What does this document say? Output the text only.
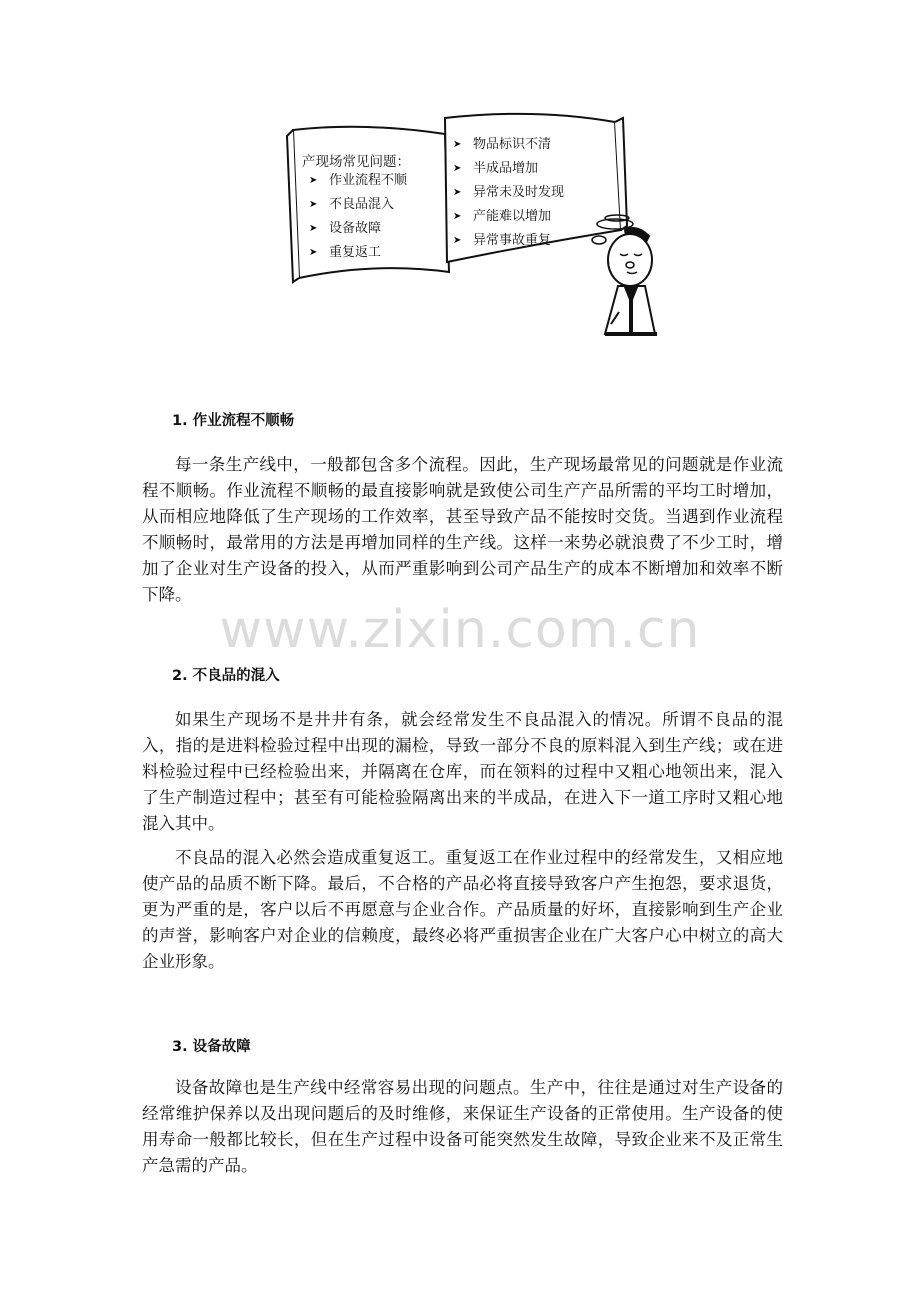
产现场常见问题：
➤ 作业流程不顺
➤ 不良品混入
➤ 设备故障
➤ 重复返工
➤ 物品标识不清
➤ 半成品增加
➤ 异常未及时发现
➤ 产能难以增加
➤ 异常事故重复
1. 作业流程不顺畅

每一条生产线中，一般都包含多个流程。因此，生产现场最常见的问题就是作业流程不顺畅。作业流程不顺畅的最直接影响就是致使公司生产产品所需的平均工时增加，从而相应地降低了生产现场的工作效率，甚至导致产品不能按时交货。当遇到作业流程不顺畅时，最常用的方法是再增加同样的生产线。这样一来势必就浪费了不少工时，增加了企业对生产设备的投入，从而严重影响到公司产品生产的成本不断增加和效率不断下降。

www.zixin.com.cn
2. 不良品的混入

如果生产现场不是井井有条，就会经常发生不良品混入的情况。所谓不良品的混入，指的是进料检验过程中出现的漏检，导致一部分不良的原料混入到生产线；或在进料检验过程中已经检验出来，并隔离在仓库，而在领料的过程中又粗心地领出来，混入了生产制造过程中；甚至有可能检验隔离出来的半成品，在进入下一道工序时又粗心地混入其中。

不良品的混入必然会造成重复返工。重复返工在作业过程中的经常发生，又相应地使产品的品质不断下降。最后，不合格的产品必将直接导致客户产生抱怨，要求退货，更为严重的是，客户以后不再愿意与企业合作。产品质量的好坏，直接影响到生产企业的声誉，影响客户对企业的信赖度，最终必将严重损害企业在广大客户心中树立的高大企业形象。

3. 设备故障

设备故障也是生产线中经常容易出现的问题点。生产中，往往是通过对生产设备的经常维护保养以及出现问题后的及时维修，来保证生产设备的正常使用。生产设备的使用寿命一般都比较长，但在生产过程中设备可能突然发生故障，导致企业来不及正常生产急需的产品。
